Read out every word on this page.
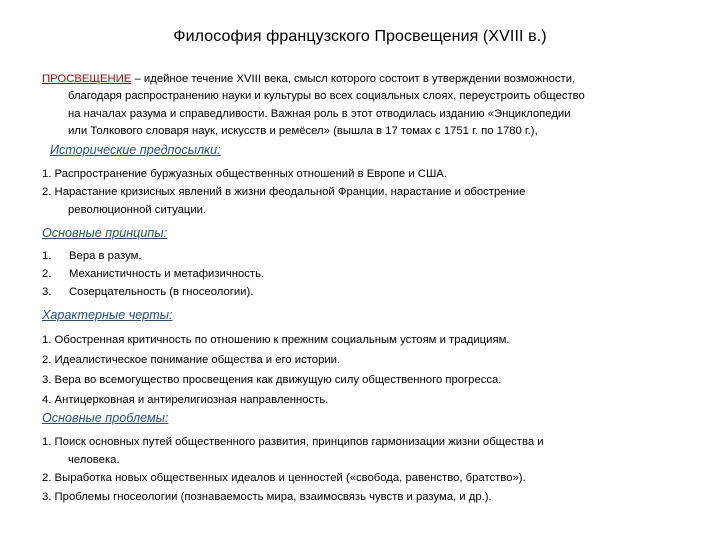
Философия французского Просвещения (XVIII в.)
ПРОСВЕЩЕНИЕ – идейное течение XVIII века, смысл которого состоит в утверждении возможности,
благодаря распространению науки и культуры во всех социальных слоях, переустроить общество
на началах разума и справедливости. Важная роль в этот отводилась изданию «Энциклопедии
или Толкового словаря наук, искусств и ремёсел» (вышла в 17 томах с 1751 г. по 1780 г.),
Исторические предпосылки:
1. Распространение буржуазных общественных отношений в Европе и США.
2. Нарастание кризисных явлений в жизни феодальной Франции, нарастание и обострение
революционной ситуации.
Основные принципы:
1.	Вера в разум.
2.	Механистичность и метафизичность.
3.	Созерцательность (в гносеологии).
Характерные черты:
1. Обостренная критичность по отношению к прежним социальным устоям и традициям.
2. Идеалистическое понимание общества и его истории.
3. Вера во всемогущество просвещения как движущую силу общественного прогресса.
4. Антицерковная и антирелигиозная направленность.
Основные проблемы:
1. Поиск основных путей общественного развития, принципов гармонизации жизни общества и
человека.
2. Выработка новых общественных идеалов и ценностей («свобода, равенство, братство»).
3. Проблемы гносеологии (познаваемость мира, взаимосвязь чувств и разума, и др.).
